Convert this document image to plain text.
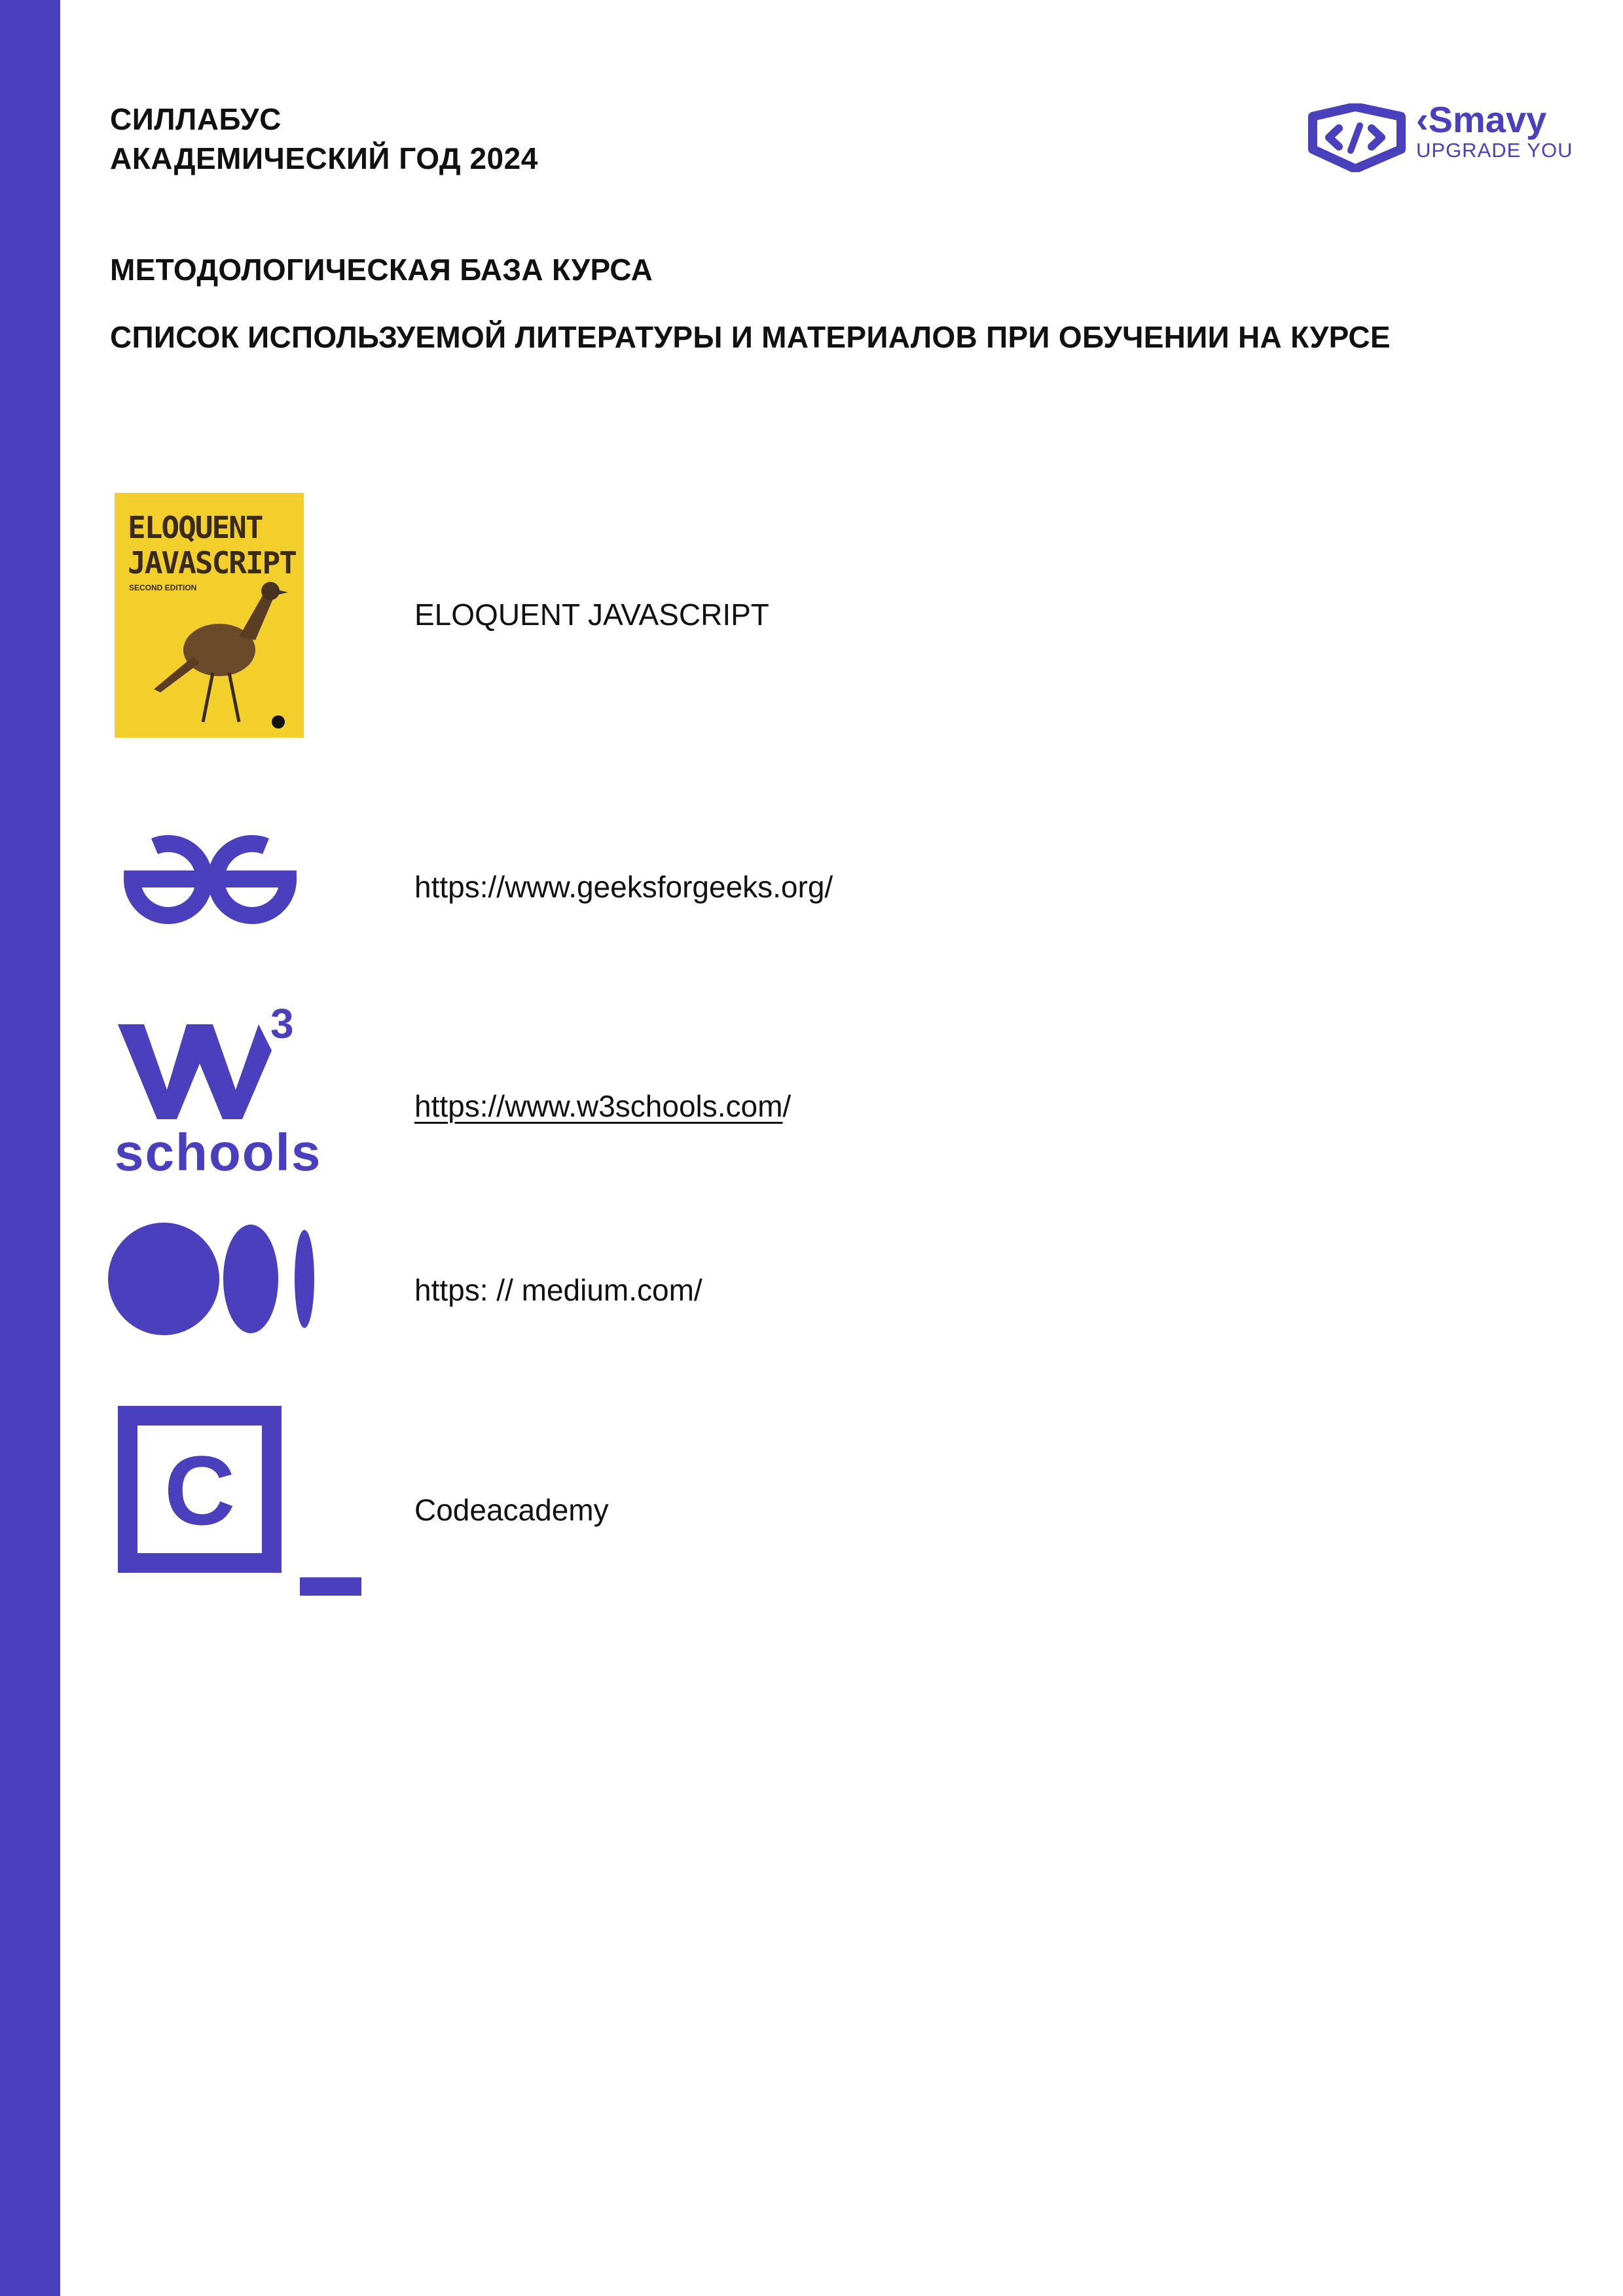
СИЛЛАБУС
АКАДЕМИЧЕСКИЙ ГОД 2024
‹Smavy
UPGRADE YOU
МЕТОДОЛОГИЧЕСКАЯ БАЗА КУРСА
СПИСОК ИСПОЛЬЗУЕМОЙ ЛИТЕРАТУРЫ И МАТЕРИАЛОВ ПРИ ОБУЧЕНИИ НА КУРСЕ
ELOQUENT
JAVASCRIPT
SECOND EDITION
ELOQUENT JAVASCRIPT
https://www.geeksforgeeks.org/
3
schools
https://www.w3schools.com/
https: // medium.com/
C	Codeacademy
